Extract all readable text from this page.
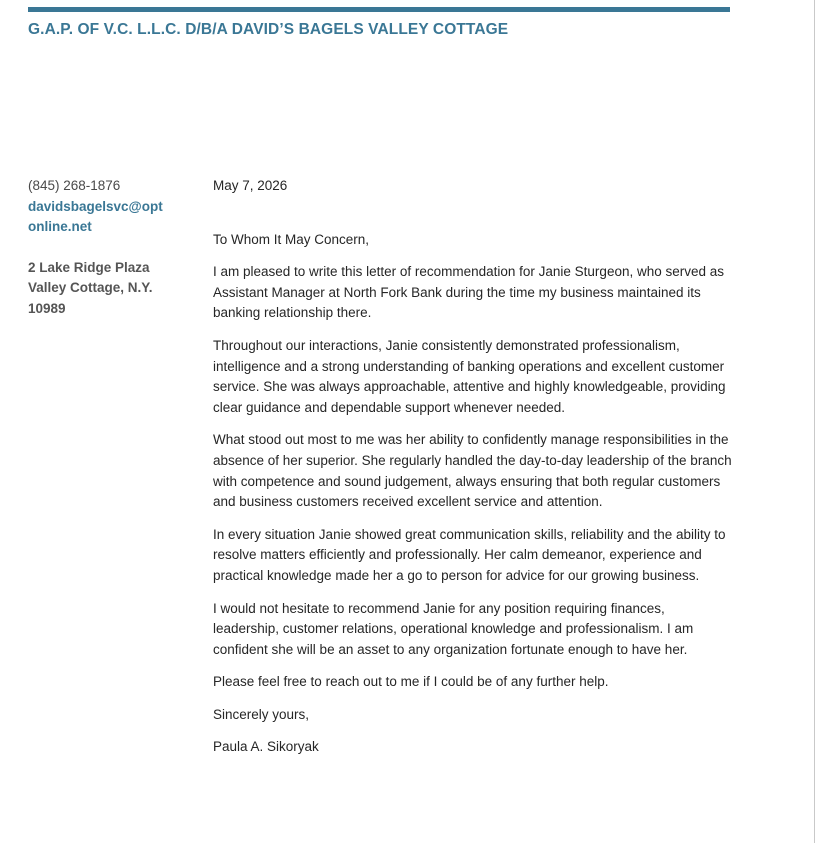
G.A.P. OF V.C. L.L.C. D/B/A DAVID’S BAGELS VALLEY COTTAGE
(845) 268-1876
davidsbagelsvc@optonline.net
2 Lake Ridge Plaza
Valley Cottage, N.Y.
10989

May 7, 2026

To Whom It May Concern,

I am pleased to write this letter of recommendation for Janie Sturgeon, who served as Assistant Manager at North Fork Bank during the time my business maintained its banking relationship there.

Throughout our interactions, Janie consistently demonstrated professionalism, intelligence and a strong understanding of banking operations and excellent customer service. She was always approachable, attentive and highly knowledgeable, providing clear guidance and dependable support whenever needed.

What stood out most to me was her ability to confidently manage responsibilities in the absence of her superior. She regularly handled the day-to-day leadership of the branch with competence and sound judgement, always ensuring that both regular customers and business customers received excellent service and attention.

In every situation Janie showed great communication skills, reliability and the ability to resolve matters efficiently and professionally. Her calm demeanor, experience and practical knowledge made her a go to person for advice for our growing business.

I would not hesitate to recommend Janie for any position requiring finances, leadership, customer relations, operational knowledge and professionalism. I am confident she will be an asset to any organization fortunate enough to have her.

Please feel free to reach out to me if I could be of any further help.

Sincerely yours,

Paula A. Sikoryak
